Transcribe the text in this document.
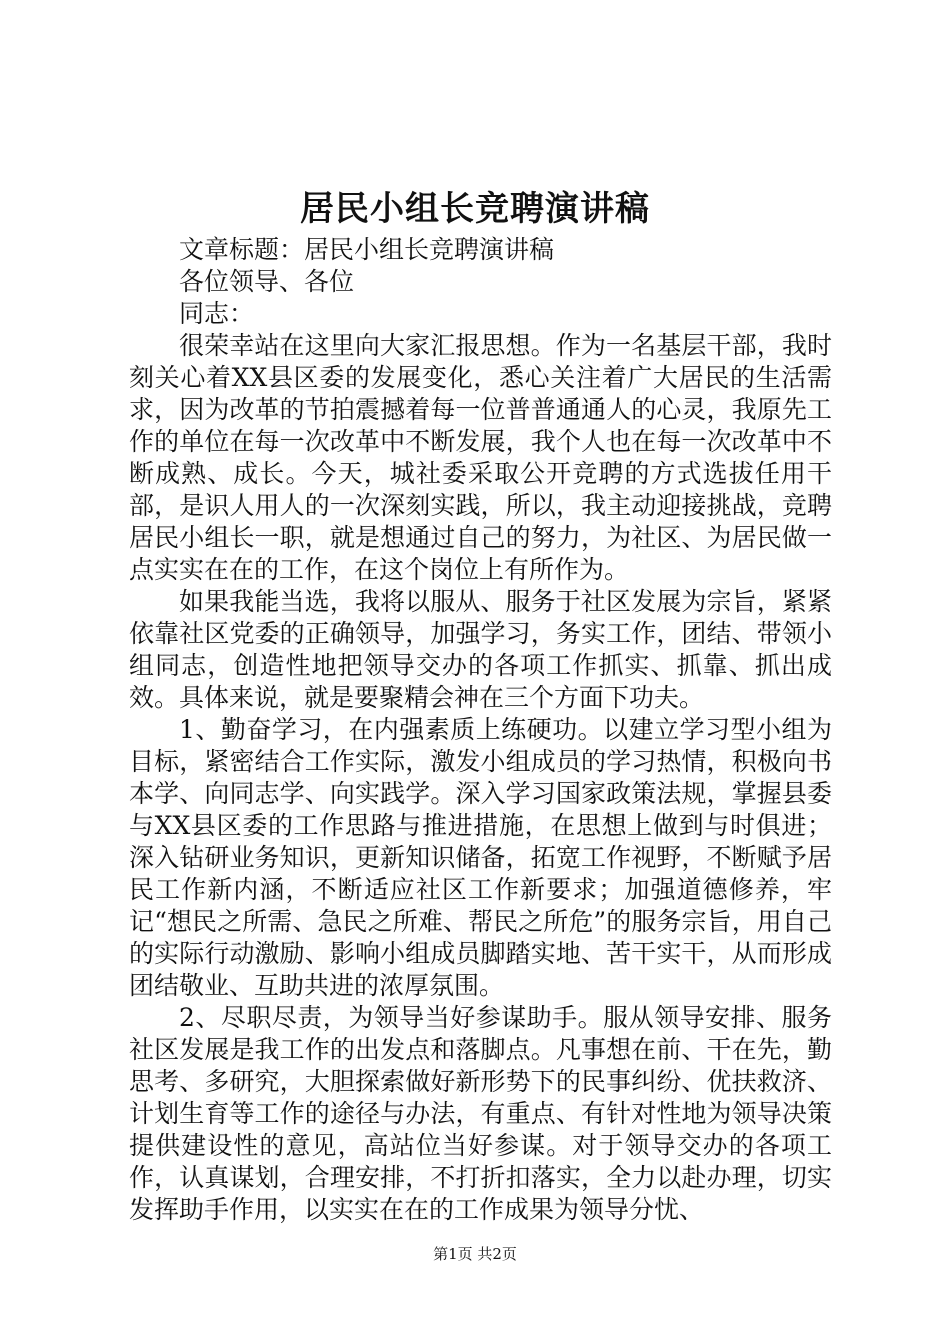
居民小组长竞聘演讲稿

文章标题：居民小组长竞聘演讲稿

各位领导、各位

同志：

很荣幸站在这里向大家汇报思想。作为一名基层干部，我时刻关心着XX县区委的发展变化，悉心关注着广大居民的生活需求，因为改革的节拍震撼着每一位普普通通人的心灵，我原先工作的单位在每一次改革中不断发展，我个人也在每一次改革中不断成熟、成长。今天，城社委采取公开竞聘的方式选拔任用干部，是识人用人的一次深刻实践，所以，我主动迎接挑战，竞聘居民小组长一职，就是想通过自己的努力，为社区、为居民做一点实实在在的工作，在这个岗位上有所作为。

如果我能当选，我将以服从、服务于社区发展为宗旨，紧紧依靠社区党委的正确领导，加强学习，务实工作，团结、带领小组同志，创造性地把领导交办的各项工作抓实、抓靠、抓出成效。具体来说，就是要聚精会神在三个方面下功夫。

1、勤奋学习，在内强素质上练硬功。以建立学习型小组为目标，紧密结合工作实际，激发小组成员的学习热情，积极向书本学、向同志学、向实践学。深入学习国家政策法规，掌握县委与XX县区委的工作思路与推进措施，在思想上做到与时俱进；深入钻研业务知识，更新知识储备，拓宽工作视野，不断赋予居民工作新内涵，不断适应社区工作新要求；加强道德修养，牢记“想民之所需、急民之所难、帮民之所危”的服务宗旨，用自己的实际行动激励、影响小组成员脚踏实地、苦干实干，从而形成团结敬业、互助共进的浓厚氛围。

2、尽职尽责，为领导当好参谋助手。服从领导安排、服务社区发展是我工作的出发点和落脚点。凡事想在前、干在先，勤思考、多研究，大胆探索做好新形势下的民事纠纷、优扶救济、计划生育等工作的途径与办法，有重点、有针对性地为领导决策提供建设性的意见，高站位当好参谋。对于领导交办的各项工作，认真谋划，合理安排，不打折扣落实，全力以赴办理，切实发挥助手作用，以实实在在的工作成果为领导分忧、

第1页 共2页
